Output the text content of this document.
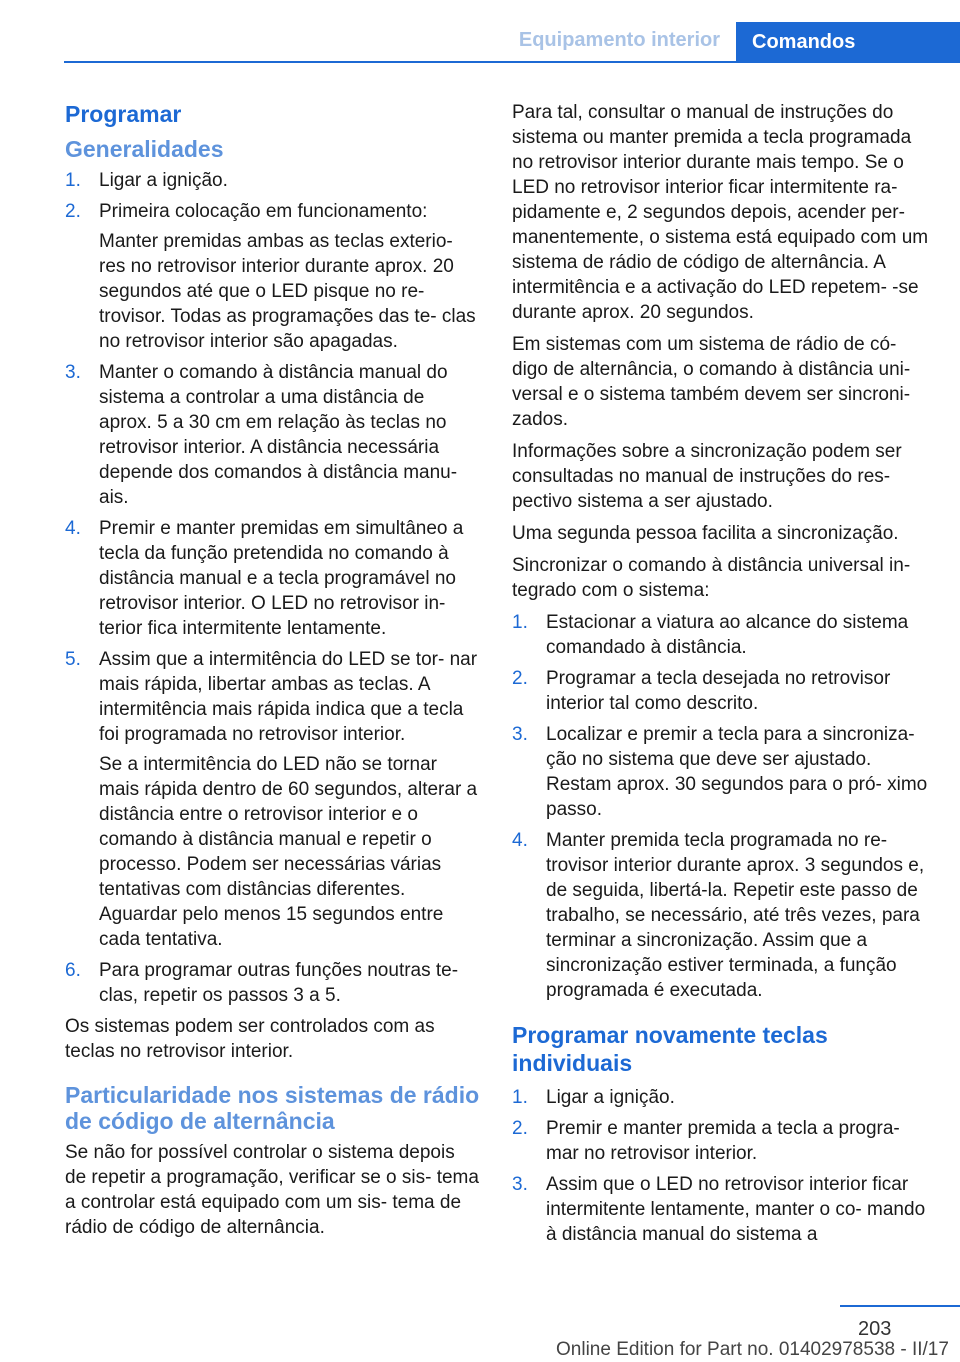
Equipamento interior	Comandos
Programar
Generalidades
1. Ligar a ignição.
2. Primeira colocação em funcionamento:
Manter premidas ambas as teclas exterio‐ res no retrovisor interior durante aprox. 20 segundos até que o LED pisque no re‐ trovisor. Todas as programações das te‐ clas no retrovisor interior são apagadas.
3. Manter o comando à distância manual do sistema a controlar a uma distância de aprox. 5 a 30 cm em relação às teclas no retrovisor interior. A distância necessária depende dos comandos à distância manu‐ ais.
4. Premir e manter premidas em simultâneo a tecla da função pretendida no comando à distância manual e a tecla programável no retrovisor interior. O LED no retrovisor in‐ terior fica intermitente lentamente.
5. Assim que a intermitência do LED se tor‐ nar mais rápida, libertar ambas as teclas. A intermitência mais rápida indica que a tecla foi programada no retrovisor interior.
Se a intermitência do LED não se tornar mais rápida dentro de 60 segundos, alterar a distância entre o retrovisor interior e o comando à distância manual e repetir o processo. Podem ser necessárias várias tentativas com distâncias diferentes. Aguardar pelo menos 15 segundos entre cada tentativa.
6. Para programar outras funções noutras te‐ clas, repetir os passos 3 a 5.

Os sistemas podem ser controlados com as teclas no retrovisor interior.

Particularidade nos sistemas de rádio de código de alternância

Se não for possível controlar o sistema depois de repetir a programação, verificar se o sis‐ tema a controlar está equipado com um sis‐ tema de rádio de código de alternância.

Para tal, consultar o manual de instruções do sistema ou manter premida a tecla programada no retrovisor interior durante mais tempo. Se o LED no retrovisor interior ficar intermitente ra‐ pidamente e, 2 segundos depois, acender per‐ manentemente, o sistema está equipado com um sistema de rádio de código de alternância. A intermitência e a activação do LED repetem- -se durante aprox. 20 segundos.

Em sistemas com um sistema de rádio de có‐ digo de alternância, o comando à distância uni‐ versal e o sistema também devem ser sincroni‐ zados.

Informações sobre a sincronização podem ser consultadas no manual de instruções do res‐ pectivo sistema a ser ajustado.

Uma segunda pessoa facilita a sincronização.

Sincronizar o comando à distância universal in‐ tegrado com o sistema:

1. Estacionar a viatura ao alcance do sistema comandado à distância.
2. Programar a tecla desejada no retrovisor interior tal como descrito.
3. Localizar e premir a tecla para a sincroniza‐ ção no sistema que deve ser ajustado. Restam aprox. 30 segundos para o pró‐ ximo passo.
4. Manter premida tecla programada no re‐ trovisor interior durante aprox. 3 segundos e, de seguida, libertá-la. Repetir este passo de trabalho, se necessário, até três vezes, para terminar a sincronização. Assim que a sincronização estiver terminada, a função programada é executada.
Programar novamente teclas individuais
1. Ligar a ignição.
2. Premir e manter premida a tecla a progra‐ mar no retrovisor interior.
3. Assim que o LED no retrovisor interior ficar intermitente lentamente, manter o co‐ mando à distância manual do sistema a
203
Online Edition for Part no. 01402978538 - II/17
